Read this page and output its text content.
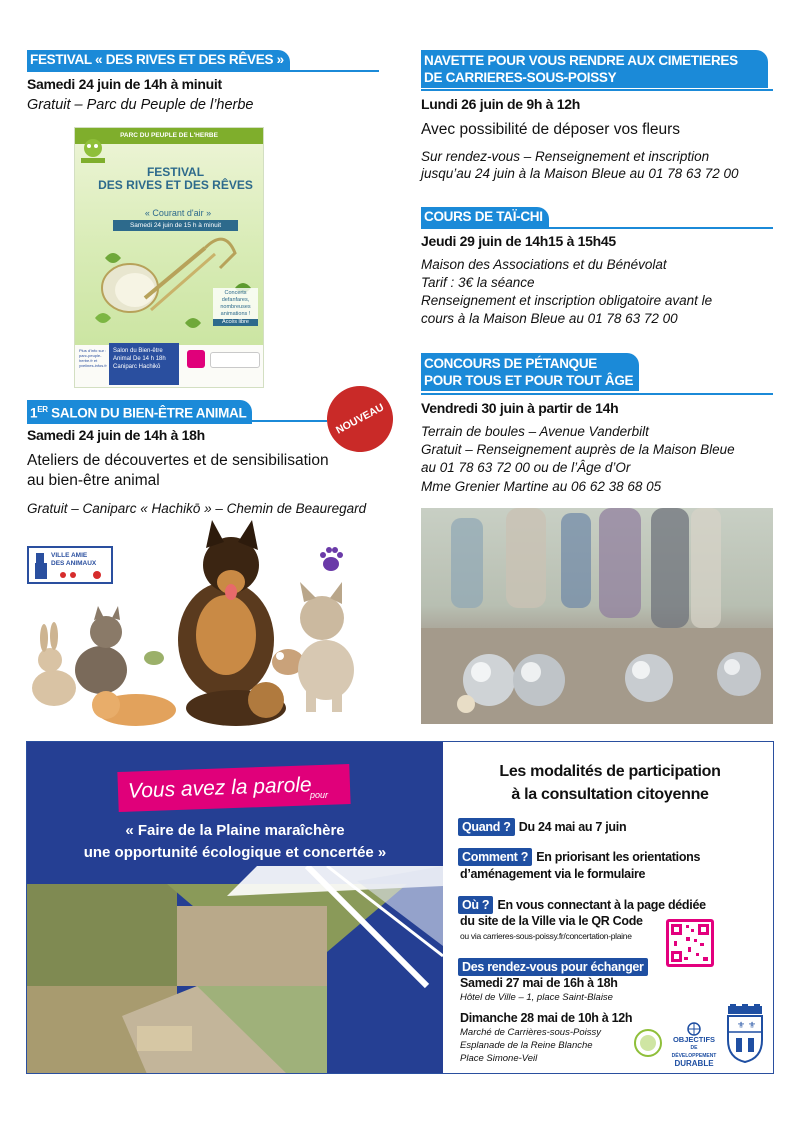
FESTIVAL « DES RIVES ET DES RÊVES »
Samedi 24 juin de 14h à minuit
Gratuit – Parc du Peuple de l’herbe
PARC DU PEUPLE DE L'HERBE
FESTIVAL
DES RIVES ET DES RÊVES
« Courant d'air »
Samedi 24 juin de 15 h à minuit
Concerts defanfares, nombreuses animations !
Accès libre
Plus d'info sur : parc-peuple-herbe.fr et yvelines-infos.fr
Salon du Bien-être Animal De 14 h 18h Caniparc Hachikō
1ER SALON DU BIEN-ÊTRE ANIMAL	NOUVEAU
Samedi 24 juin de 14h à 18h
Ateliers de découvertes et de sensibilisation
au bien-être animal
Gratuit – Caniparc « Hachikō » – Chemin de Beauregard
VILLE AMIE
DES ANIMAUX
NAVETTE POUR VOUS RENDRE AUX CIMETIERES
DE CARRIERES-SOUS-POISSY
Lundi 26 juin de 9h à 12h
Avec possibilité de déposer vos fleurs
Sur rendez-vous – Renseignement et inscription
jusqu’au 24 juin à la Maison Bleue au 01 78 63 72 00
COURS DE TAÏ-CHI
Jeudi 29 juin de 14h15 à 15h45
Maison des Associations et du Bénévolat
Tarif : 3€ la séance
Renseignement et inscription obligatoire avant le
cours à la Maison Bleue au 01 78 63 72 00
CONCOURS DE PÉTANQUE
POUR TOUS ET POUR TOUT ÂGE
Vendredi 30 juin à partir de 14h
Terrain de boules – Avenue Vanderbilt
Gratuit – Renseignement auprès de la Maison Bleue
au 01 78 63 72 00 ou de l’Âge d’Or
Mme Grenier Martine au 06 62 38 68 05
Vous avez la parole
pour
« Faire de la Plaine maraîchère
une opportunité écologique et concertée »
Les modalités de participation
à la consultation citoyenne
Quand ? Du 24 mai au 7 juin
Comment ? En priorisant les orientations
d’aménagement via le formulaire
Où ? En vous connectant à la page dédiée
du site de la Ville via le QR Code
ou via carrieres-sous-poissy.fr/concertation-plaine
Des rendez-vous pour échanger
Samedi 27 mai de 16h à 18h
Hôtel de Ville – 1, place Saint-Blaise
Dimanche 28 mai de 10h à 12h
Marché de Carrières-sous-Poissy
Esplanade de la Reine Blanche
Place Simone-Veil
OBJECTIFS
DE DÉVELOPPEMENT
DURABLE
⚜ ⚜
